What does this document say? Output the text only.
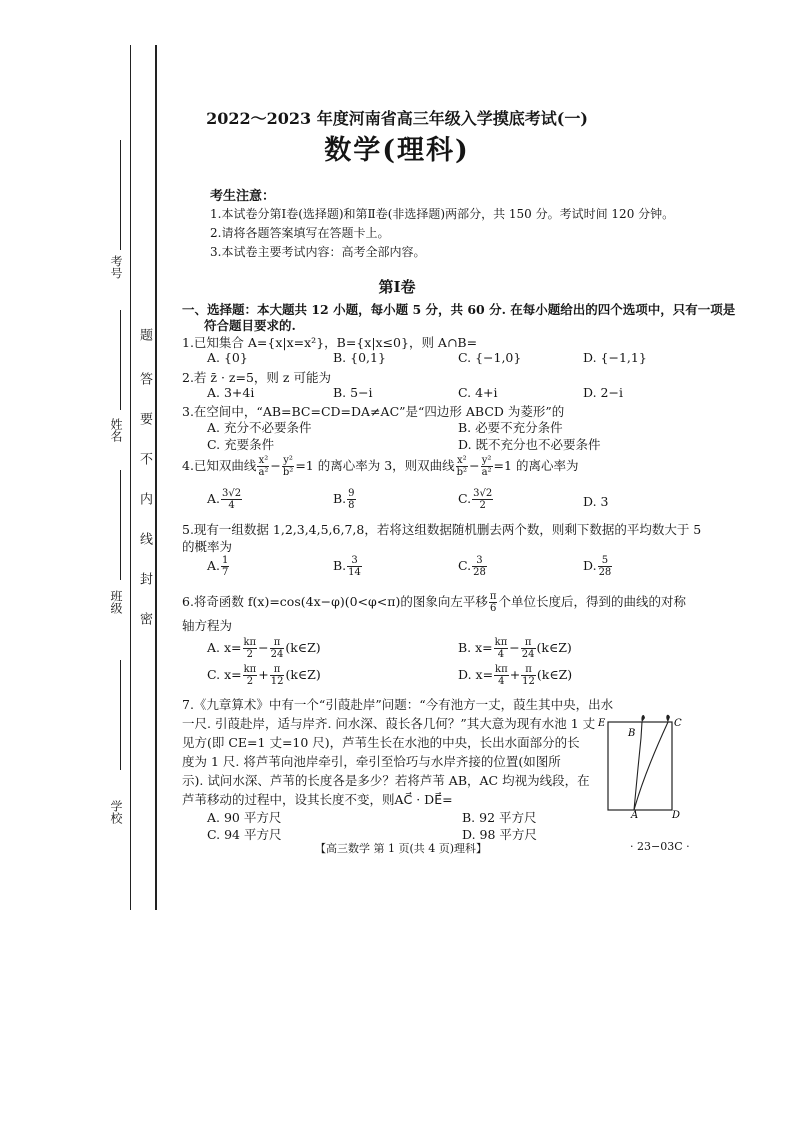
考号
姓名
班级
学校
题
答
要
不
内
线
封
密
2022～2023 年度河南省高三年级入学摸底考试(一)
数学(理科)
考生注意：
1.本试卷分第Ⅰ卷(选择题)和第Ⅱ卷(非选择题)两部分，共 150 分。考试时间 120 分钟。
2.请将各题答案填写在答题卡上。
3.本试卷主要考试内容：高考全部内容。
第Ⅰ卷
一、选择题：本大题共 12 小题，每小题 5 分，共 60 分. 在每小题给出的四个选项中，只有一项是
符合题目要求的.
1.已知集合 A={x|x=x²}，B={x|x≤0}，则 A∩B=
A. {0}	B. {0,1}	C. {−1,0}	D. {−1,1}
2.若 z̄ · z=5，则 z 可能为
A. 3+4i	B. 5−i	C. 4+i	D. 2−i
3.在空间中，“AB=BC=CD=DA≠AC”是“四边形 ABCD 为菱形”的
A. 充分不必要条件	B. 必要不充分条件
C. 充要条件	D. 既不充分也不必要条件
4.已知双曲线 $\frac{\text{x²}}{\text{a²}} - \frac{\text{y²}}{\text{b²}} =1$ 的离心率为 3，则双曲线 $\frac{\text{x²}}{\text{b²}} - \frac{\text{y²}}{\text{a²}} =1$ 的离心率为
A. $\frac{3√2}{4}$	B. $\frac{9}{8}$	C. $\frac{3√2}{2}$	D. 3
5.现有一组数据 1,2,3,4,5,6,7,8，若将这组数据随机删去两个数，则剩下数据的平均数大于 5
的概率为
A. $\frac{1}{7}$	B. $\frac{3}{14}$	C. $\frac{3}{28}$	D. $\frac{5}{28}$
6.将奇函数 f(x)=cos(4x−φ)(0<φ<π)的图象向左平移 $\frac{\pi}{6}$ 个单位长度后，得到的曲线的对称
轴方程为
A. $x= \frac{k\pi}{2} - \frac{\pi}{24}$ (k∈Z)	B. $x= \frac{k\pi}{4} - \frac{\pi}{24}$ (k∈Z)
C. $x= \frac{k\pi}{2} + \frac{\pi}{12}$ (k∈Z)	D. $x= \frac{k\pi}{4} + \frac{\pi}{12}$ (k∈Z)
7.《九章算术》中有一个“引葭赴岸”问题：“今有池方一丈，葭生其中央，出水
一尺. 引葭赴岸，适与岸齐. 问水深、葭长各几何？”其大意为现有水池 1 丈
见方(即 CE=1 丈=10 尺)，芦苇生长在水池的中央，长出水面部分的长
度为 1 尺. 将芦苇向池岸牵引，牵引至恰巧与水岸齐接的位置(如图所
示). 试问水深、芦苇的长度各是多少？若将芦苇 AB，AC 均视为线段，在
芦苇移动的过程中，设其长度不变，则AC⃗ · DE⃗=
A. 90 平方尺	B. 92 平方尺
C. 94 平方尺	D. 98 平方尺
E	C
B
A	D
【高三数学 第 1 页(共 4 页)理科】	· 23−03C ·
